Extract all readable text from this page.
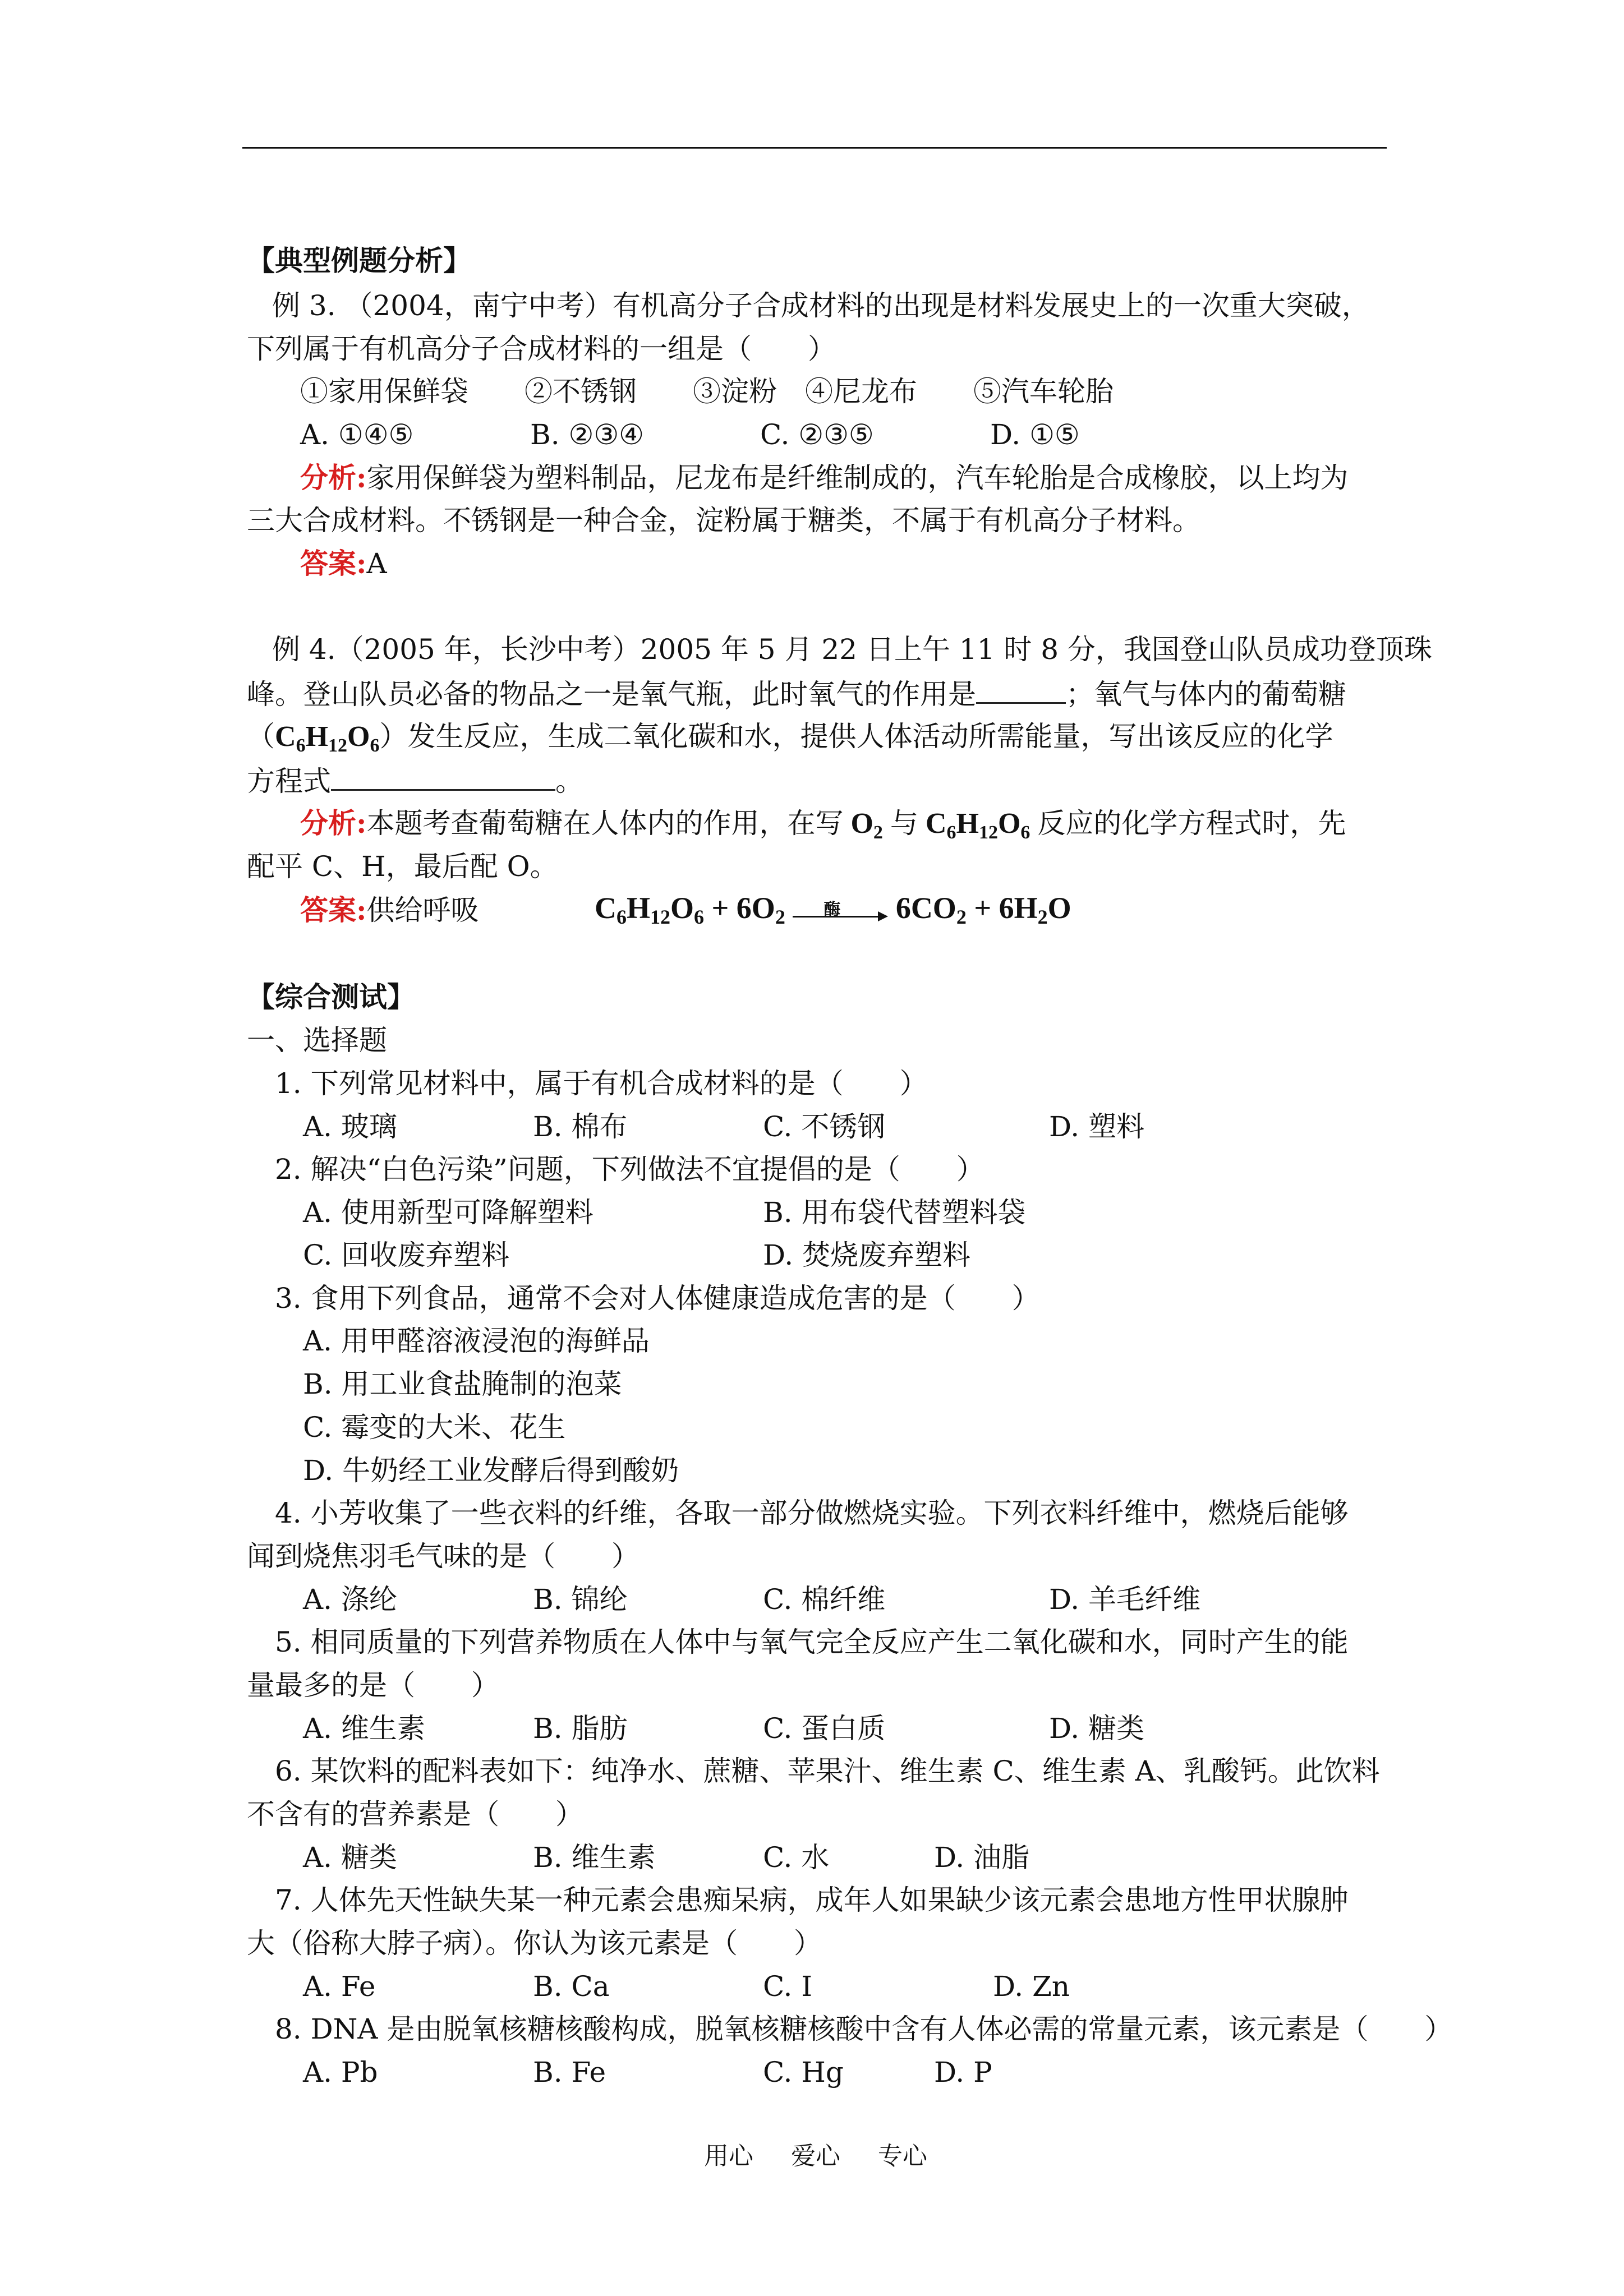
【典型例题分析】
例 3. （2004，南宁中考）有机高分子合成材料的出现是材料发展史上的一次重大突破，
下列属于有机高分子合成材料的一组是（　　）
①家用保鲜袋　　②不锈钢　　③淀粉　④尼龙布　　⑤汽车轮胎
A. ①④⑤	B. ②③④	C. ②③⑤	D. ①⑤
分析:家用保鲜袋为塑料制品，尼龙布是纤维制成的，汽车轮胎是合成橡胶，以上均为
三大合成材料。不锈钢是一种合金，淀粉属于糖类，不属于有机高分子材料。
答案:A
例 4.（2005 年，长沙中考）2005 年 5 月 22 日上午 11 时 8 分，我国登山队员成功登顶珠
峰。登山队员必备的物品之一是氧气瓶，此时氧气的作用是	；氧气与体内的葡萄糖
$(C_6H_{12}O_6)$发生反应，生成二氧化碳和水，提供人体活动所需能量，写出该反应的化学
方程式	。
分析:本题考查葡萄糖在人体内的作用，在写 $O_2$ 与 $C_6H_{12}O_6$ 反应的化学方程式时，先
配平 C、H，最后配 O。
答案:供给呼吸	$C_6H_{12}O_6 + 6O_2$ 酶 $6CO_2 + 6H_2O$
【综合测试】
一、选择题
1. 下列常见材料中，属于有机合成材料的是（　　）
A. 玻璃	B. 棉布	C. 不锈钢	D. 塑料
2. 解决“白色污染”问题，下列做法不宜提倡的是（　　）
A. 使用新型可降解塑料	B. 用布袋代替塑料袋
C. 回收废弃塑料	D. 焚烧废弃塑料
3. 食用下列食品，通常不会对人体健康造成危害的是（　　）
A. 用甲醛溶液浸泡的海鲜品
B. 用工业食盐腌制的泡菜
C. 霉变的大米、花生
D. 牛奶经工业发酵后得到酸奶
4. 小芳收集了一些衣料的纤维，各取一部分做燃烧实验。下列衣料纤维中，燃烧后能够
闻到烧焦羽毛气味的是（　　）
A. 涤纶	B. 锦纶	C. 棉纤维	D. 羊毛纤维
5. 相同质量的下列营养物质在人体中与氧气完全反应产生二氧化碳和水，同时产生的能
量最多的是（　　）
A. 维生素	B. 脂肪	C. 蛋白质	D. 糖类
6. 某饮料的配料表如下：纯净水、蔗糖、苹果汁、维生素 C、维生素 A、乳酸钙。此饮料
不含有的营养素是（　　）
A. 糖类	B. 维生素	C. 水	D. 油脂
7. 人体先天性缺失某一种元素会患痴呆病，成年人如果缺少该元素会患地方性甲状腺肿
大（俗称大脖子病）。你认为该元素是（　　）
A. Fe	B. Ca	C. I	D. Zn
8. DNA 是由脱氧核糖核酸构成，脱氧核糖核酸中含有人体必需的常量元素，该元素是（　　）
A. Pb	B. Fe	C. Hg	D. P
用心 爱心 专心
